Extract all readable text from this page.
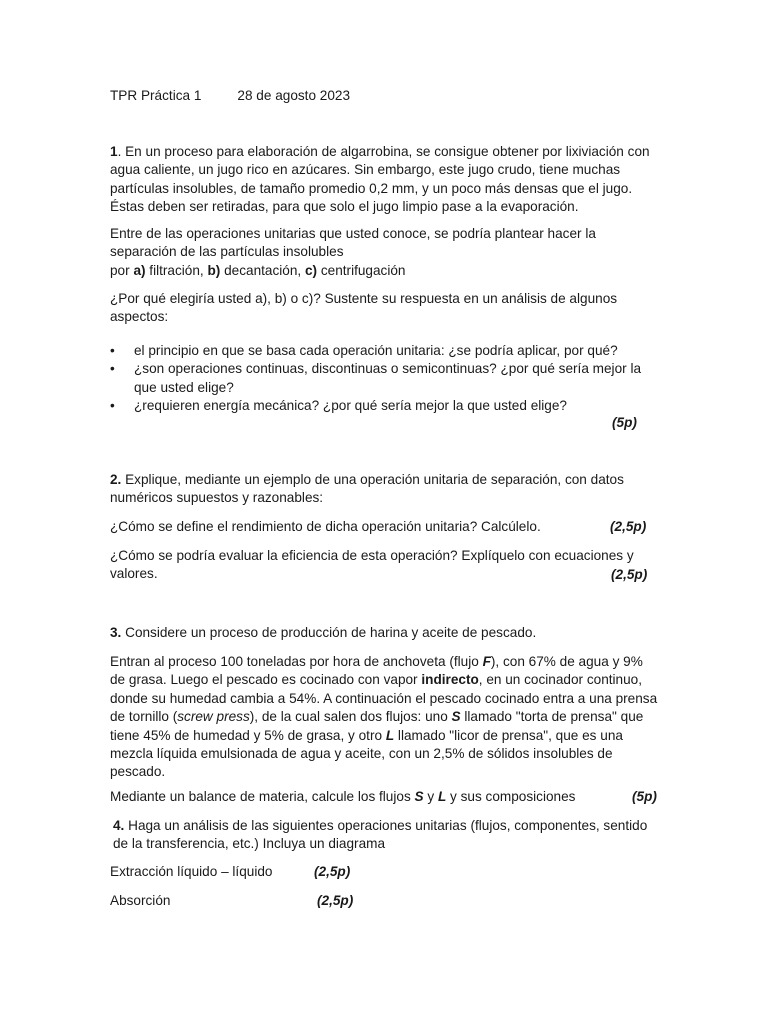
TPR Práctica 1	28 de agosto 2023

1. En un proceso para elaboración de algarrobina, se consigue obtener por lixiviación con agua caliente, un jugo rico en azúcares. Sin embargo, este jugo crudo, tiene muchas partículas insolubles, de tamaño promedio 0,2 mm, y un poco más densas que el jugo. Éstas deben ser retiradas, para que solo el jugo limpio pase a la evaporación.

Entre de las operaciones unitarias que usted conoce, se podría plantear hacer la separación de las partículas insolubles
por a) filtración, b) decantación, c) centrifugación

¿Por qué elegiría usted a), b) o c)? Sustente su respuesta en un análisis de algunos aspectos:

• el principio en que se basa cada operación unitaria: ¿se podría aplicar, por qué?
• ¿son operaciones continuas, discontinuas o semicontinuas? ¿por qué sería mejor la que usted elige?
• ¿requieren energía mecánica? ¿por qué sería mejor la que usted elige?
(5p)

2. Explique, mediante un ejemplo de una operación unitaria de separación, con datos numéricos supuestos y razonables:

¿Cómo se define el rendimiento de dicha operación unitaria? Calcúlelo.	(2,5p)

¿Cómo se podría evaluar la eficiencia de esta operación? Explíquelo con ecuaciones y valores.	(2,5p)

3. Considere un proceso de producción de harina y aceite de pescado.

Entran al proceso 100 toneladas por hora de anchoveta (flujo F), con 67% de agua y 9% de grasa. Luego el pescado es cocinado con vapor indirecto, en un cocinador continuo, donde su humedad cambia a 54%. A continuación el pescado cocinado entra a una prensa de tornillo (screw press), de la cual salen dos flujos: uno S llamado "torta de prensa" que tiene 45% de humedad y 5% de grasa, y otro L llamado "licor de prensa", que es una mezcla líquida emulsionada de agua y aceite, con un 2,5% de sólidos insolubles de pescado.

Mediante un balance de materia, calcule los flujos S y L y sus composiciones	(5p)

4. Haga un análisis de las siguientes operaciones unitarias (flujos, componentes, sentido de la transferencia, etc.) Incluya un diagrama

Extracción líquido – líquido	(2,5p)

Absorción	(2,5p)
